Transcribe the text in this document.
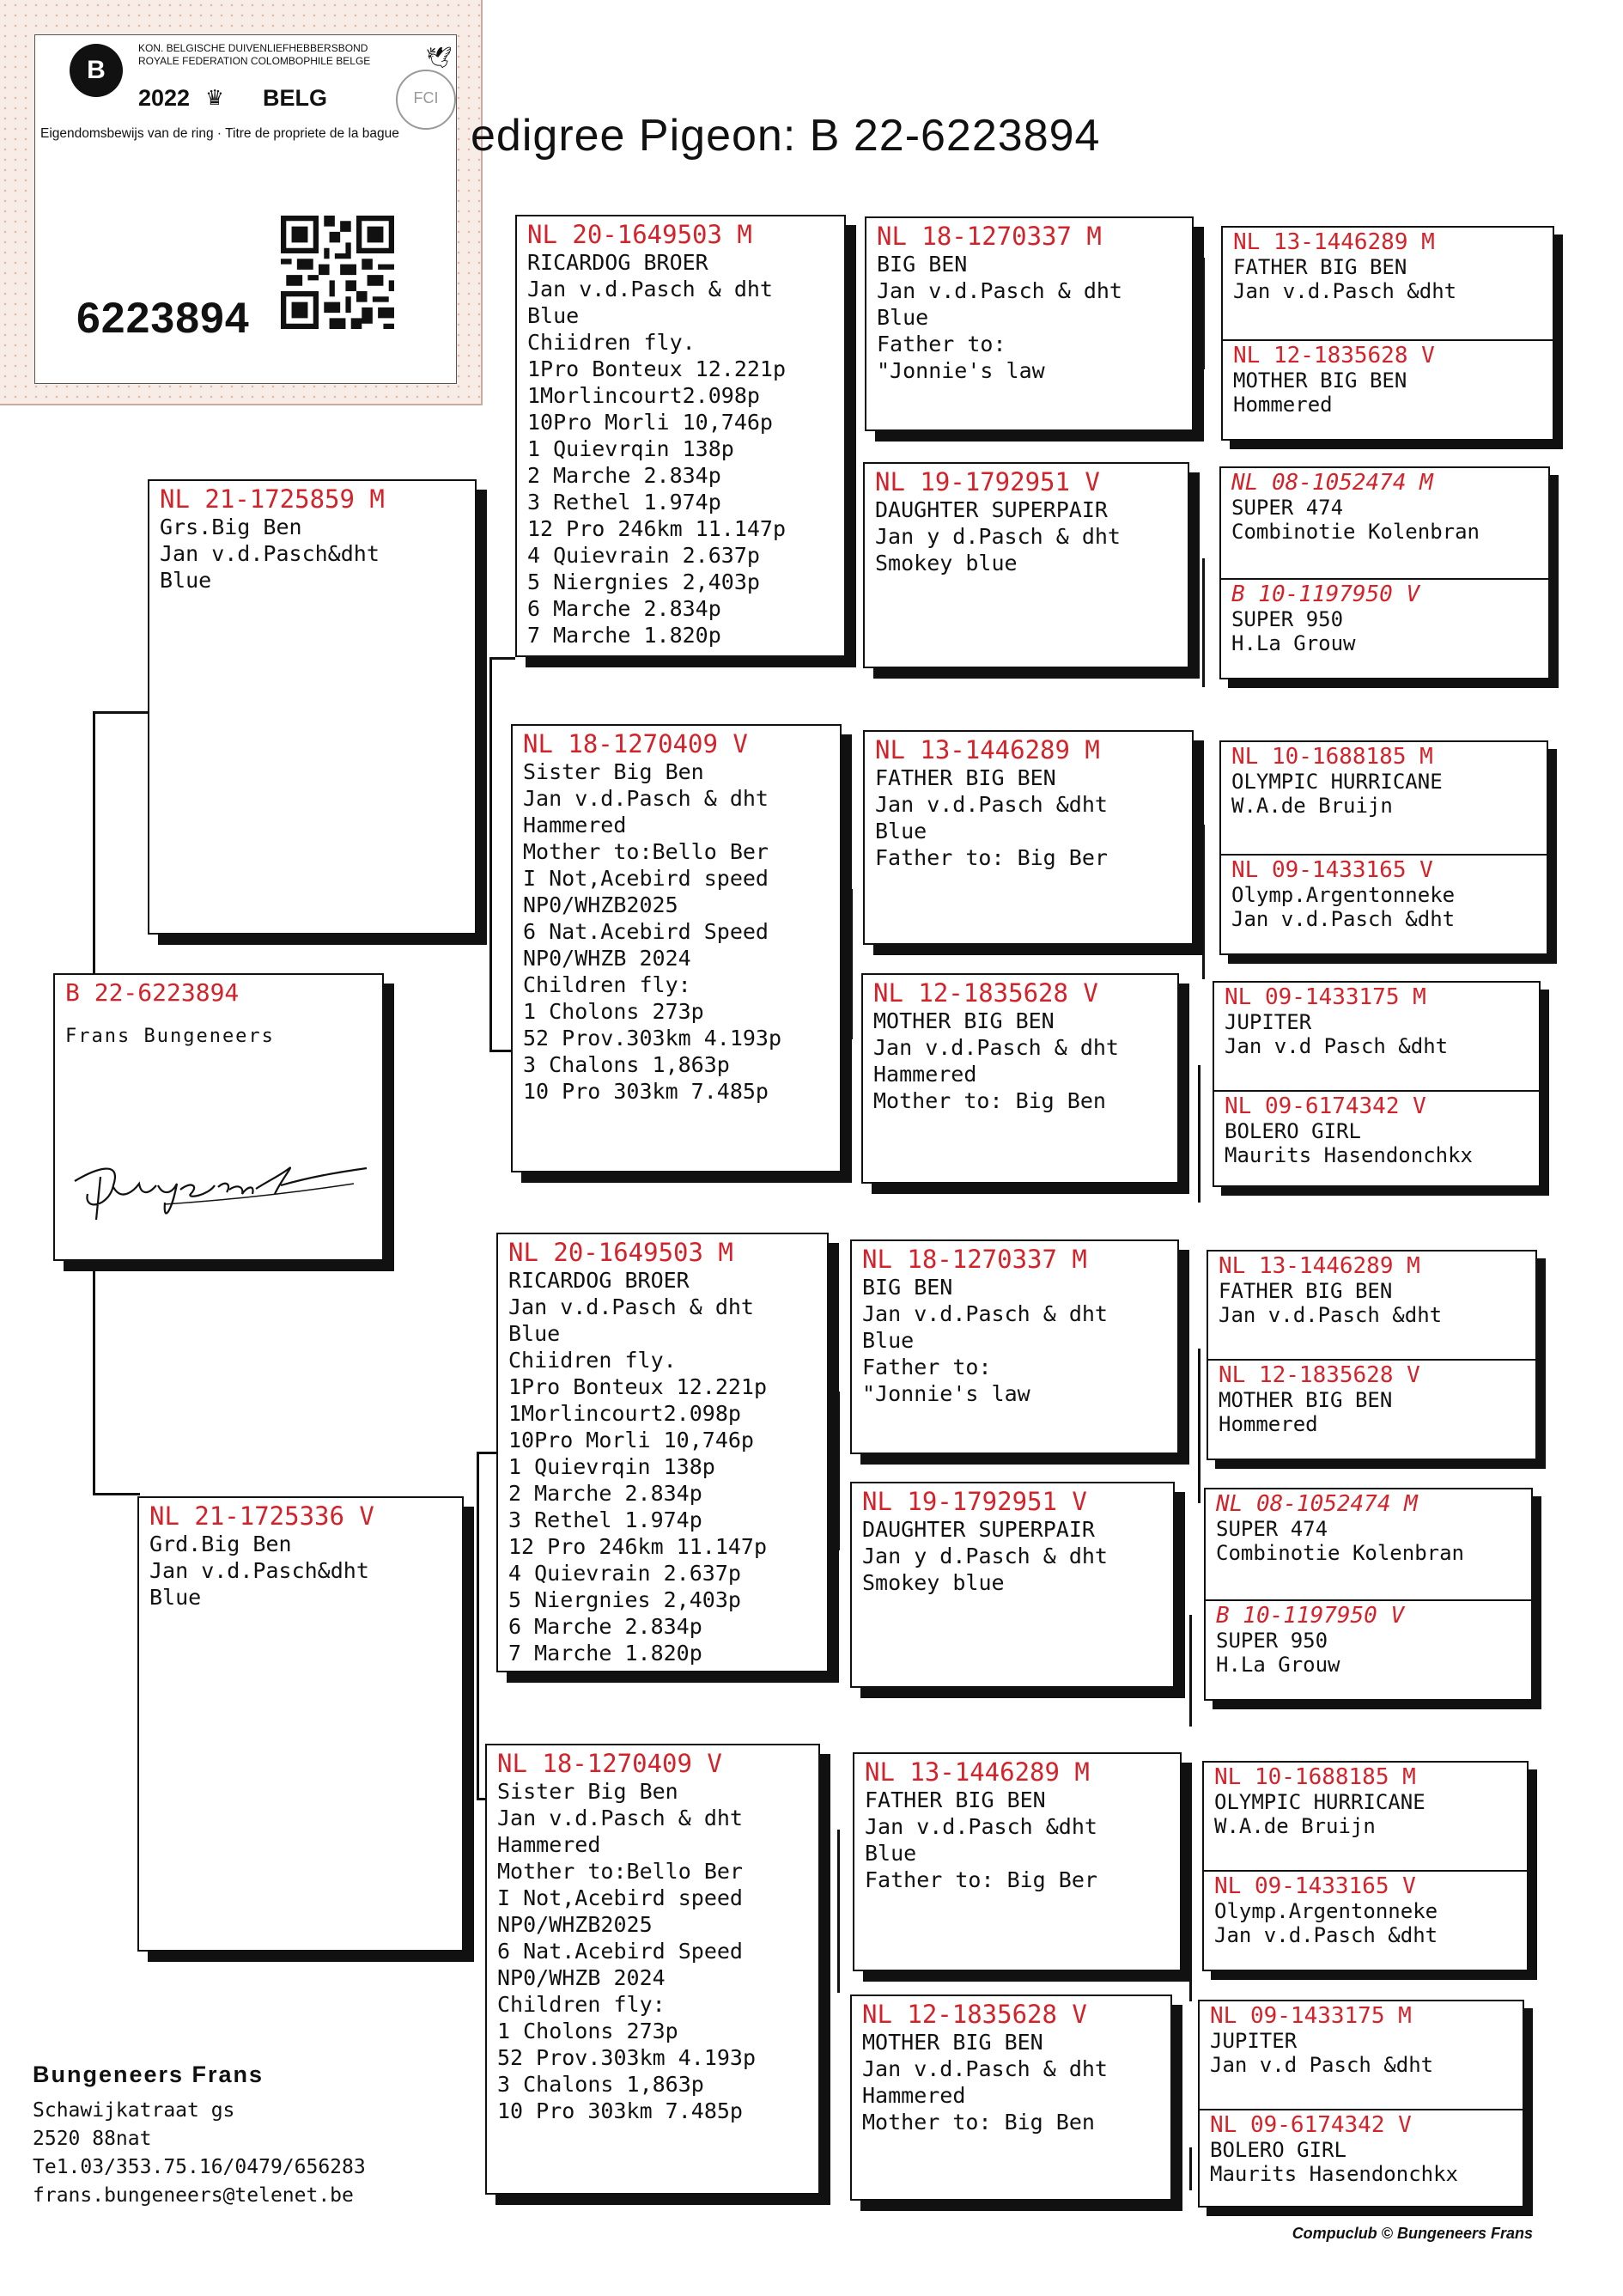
B
KON. BELGISCHE DUIVENLIEFHEBBERSBOND
ROYALE FEDERATION COLOMBOPHILE BELGE	🕊
2022 ♛ BELG	FCI
Eigendomsbewijs van de ring · Titre de propriete de la bague
6223894
edigree Pigeon: B 22-6223894
B 22-6223894
Frans Bungeneers
NL 21-1725859 M
Grs.Big Ben
Jan v.d.Pasch&dht
Blue
NL 21-1725336 V
Grd.Big Ben
Jan v.d.Pasch&dht
Blue
NL 20-1649503 M
RICARDOG BROER
Jan v.d.Pasch & dht
Blue
Chiidren fly.
1Pro Bonteux 12.221p
1Morlincourt2.098p
10Pro Morli 10,746p
1 Quievrqin 138p
2 Marche 2.834p
3 Rethel 1.974p
12 Pro 246km 11.147p
4 Quievrain 2.637p
5 Niergnies 2,403p
6 Marche 2.834p
7 Marche 1.820p
NL 18-1270409 V
Sister Big Ben
Jan v.d.Pasch & dht
Hammered
Mother to:Bello Ber
I Not,Acebird speed
NP0/WHZB2025
6 Nat.Acebird Speed
NP0/WHZB 2024
Children fly:
1 Cholons 273p
52 Prov.303km 4.193p
3 Chalons 1,863p
10 Pro 303km 7.485p
NL 20-1649503 M
RICARDOG BROER
Jan v.d.Pasch & dht
Blue
Chiidren fly.
1Pro Bonteux 12.221p
1Morlincourt2.098p
10Pro Morli 10,746p
1 Quievrqin 138p
2 Marche 2.834p
3 Rethel 1.974p
12 Pro 246km 11.147p
4 Quievrain 2.637p
5 Niergnies 2,403p
6 Marche 2.834p
7 Marche 1.820p
NL 18-1270409 V
Sister Big Ben
Jan v.d.Pasch & dht
Hammered
Mother to:Bello Ber
I Not,Acebird speed
NP0/WHZB2025
6 Nat.Acebird Speed
NP0/WHZB 2024
Children fly:
1 Cholons 273p
52 Prov.303km 4.193p
3 Chalons 1,863p
10 Pro 303km 7.485p
NL 18-1270337 M
BIG BEN
Jan v.d.Pasch & dht
Blue
Father to:
"Jonnie's law
NL 19-1792951 V
DAUGHTER SUPERPAIR
Jan y d.Pasch & dht
Smokey blue
NL 13-1446289 M
FATHER BIG BEN
Jan v.d.Pasch &dht
Blue
Father to: Big Ber
NL 12-1835628 V
MOTHER BIG BEN
Jan v.d.Pasch & dht
Hammered
Mother to: Big Ben
NL 18-1270337 M
BIG BEN
Jan v.d.Pasch & dht
Blue
Father to:
"Jonnie's law
NL 19-1792951 V
DAUGHTER SUPERPAIR
Jan y d.Pasch & dht
Smokey blue
NL 13-1446289 M
FATHER BIG BEN
Jan v.d.Pasch &dht
Blue
Father to: Big Ber
NL 12-1835628 V
MOTHER BIG BEN
Jan v.d.Pasch & dht
Hammered
Mother to: Big Ben
NL 13-1446289 M
FATHER BIG BEN
Jan v.d.Pasch &dht
NL 12-1835628 V
MOTHER BIG BEN
Hommered
NL 08-1052474 M
SUPER 474
Combinotie Kolenbran
B 10-1197950 V
SUPER 950
H.La Grouw
NL 10-1688185 M
OLYMPIC HURRICANE
W.A.de Bruijn
NL 09-1433165 V
Olymp.Argentonneke
Jan v.d.Pasch &dht
NL 09-1433175 M
JUPITER
Jan v.d Pasch &dht
NL 09-6174342 V
BOLERO GIRL
Maurits Hasendonchkx
NL 13-1446289 M
FATHER BIG BEN
Jan v.d.Pasch &dht
NL 12-1835628 V
MOTHER BIG BEN
Hommered
NL 08-1052474 M
SUPER 474
Combinotie Kolenbran
B 10-1197950 V
SUPER 950
H.La Grouw
NL 10-1688185 M
OLYMPIC HURRICANE
W.A.de Bruijn
NL 09-1433165 V
Olymp.Argentonneke
Jan v.d.Pasch &dht
NL 09-1433175 M
JUPITER
Jan v.d Pasch &dht
NL 09-6174342 V
BOLERO GIRL
Maurits Hasendonchkx
Bungeneers Frans
Schawijkatraat gs
2520 88nat
Te1.03/353.75.16/0479/656283
frans.bungeneers@telenet.be
Compuclub © Bungeneers Frans
